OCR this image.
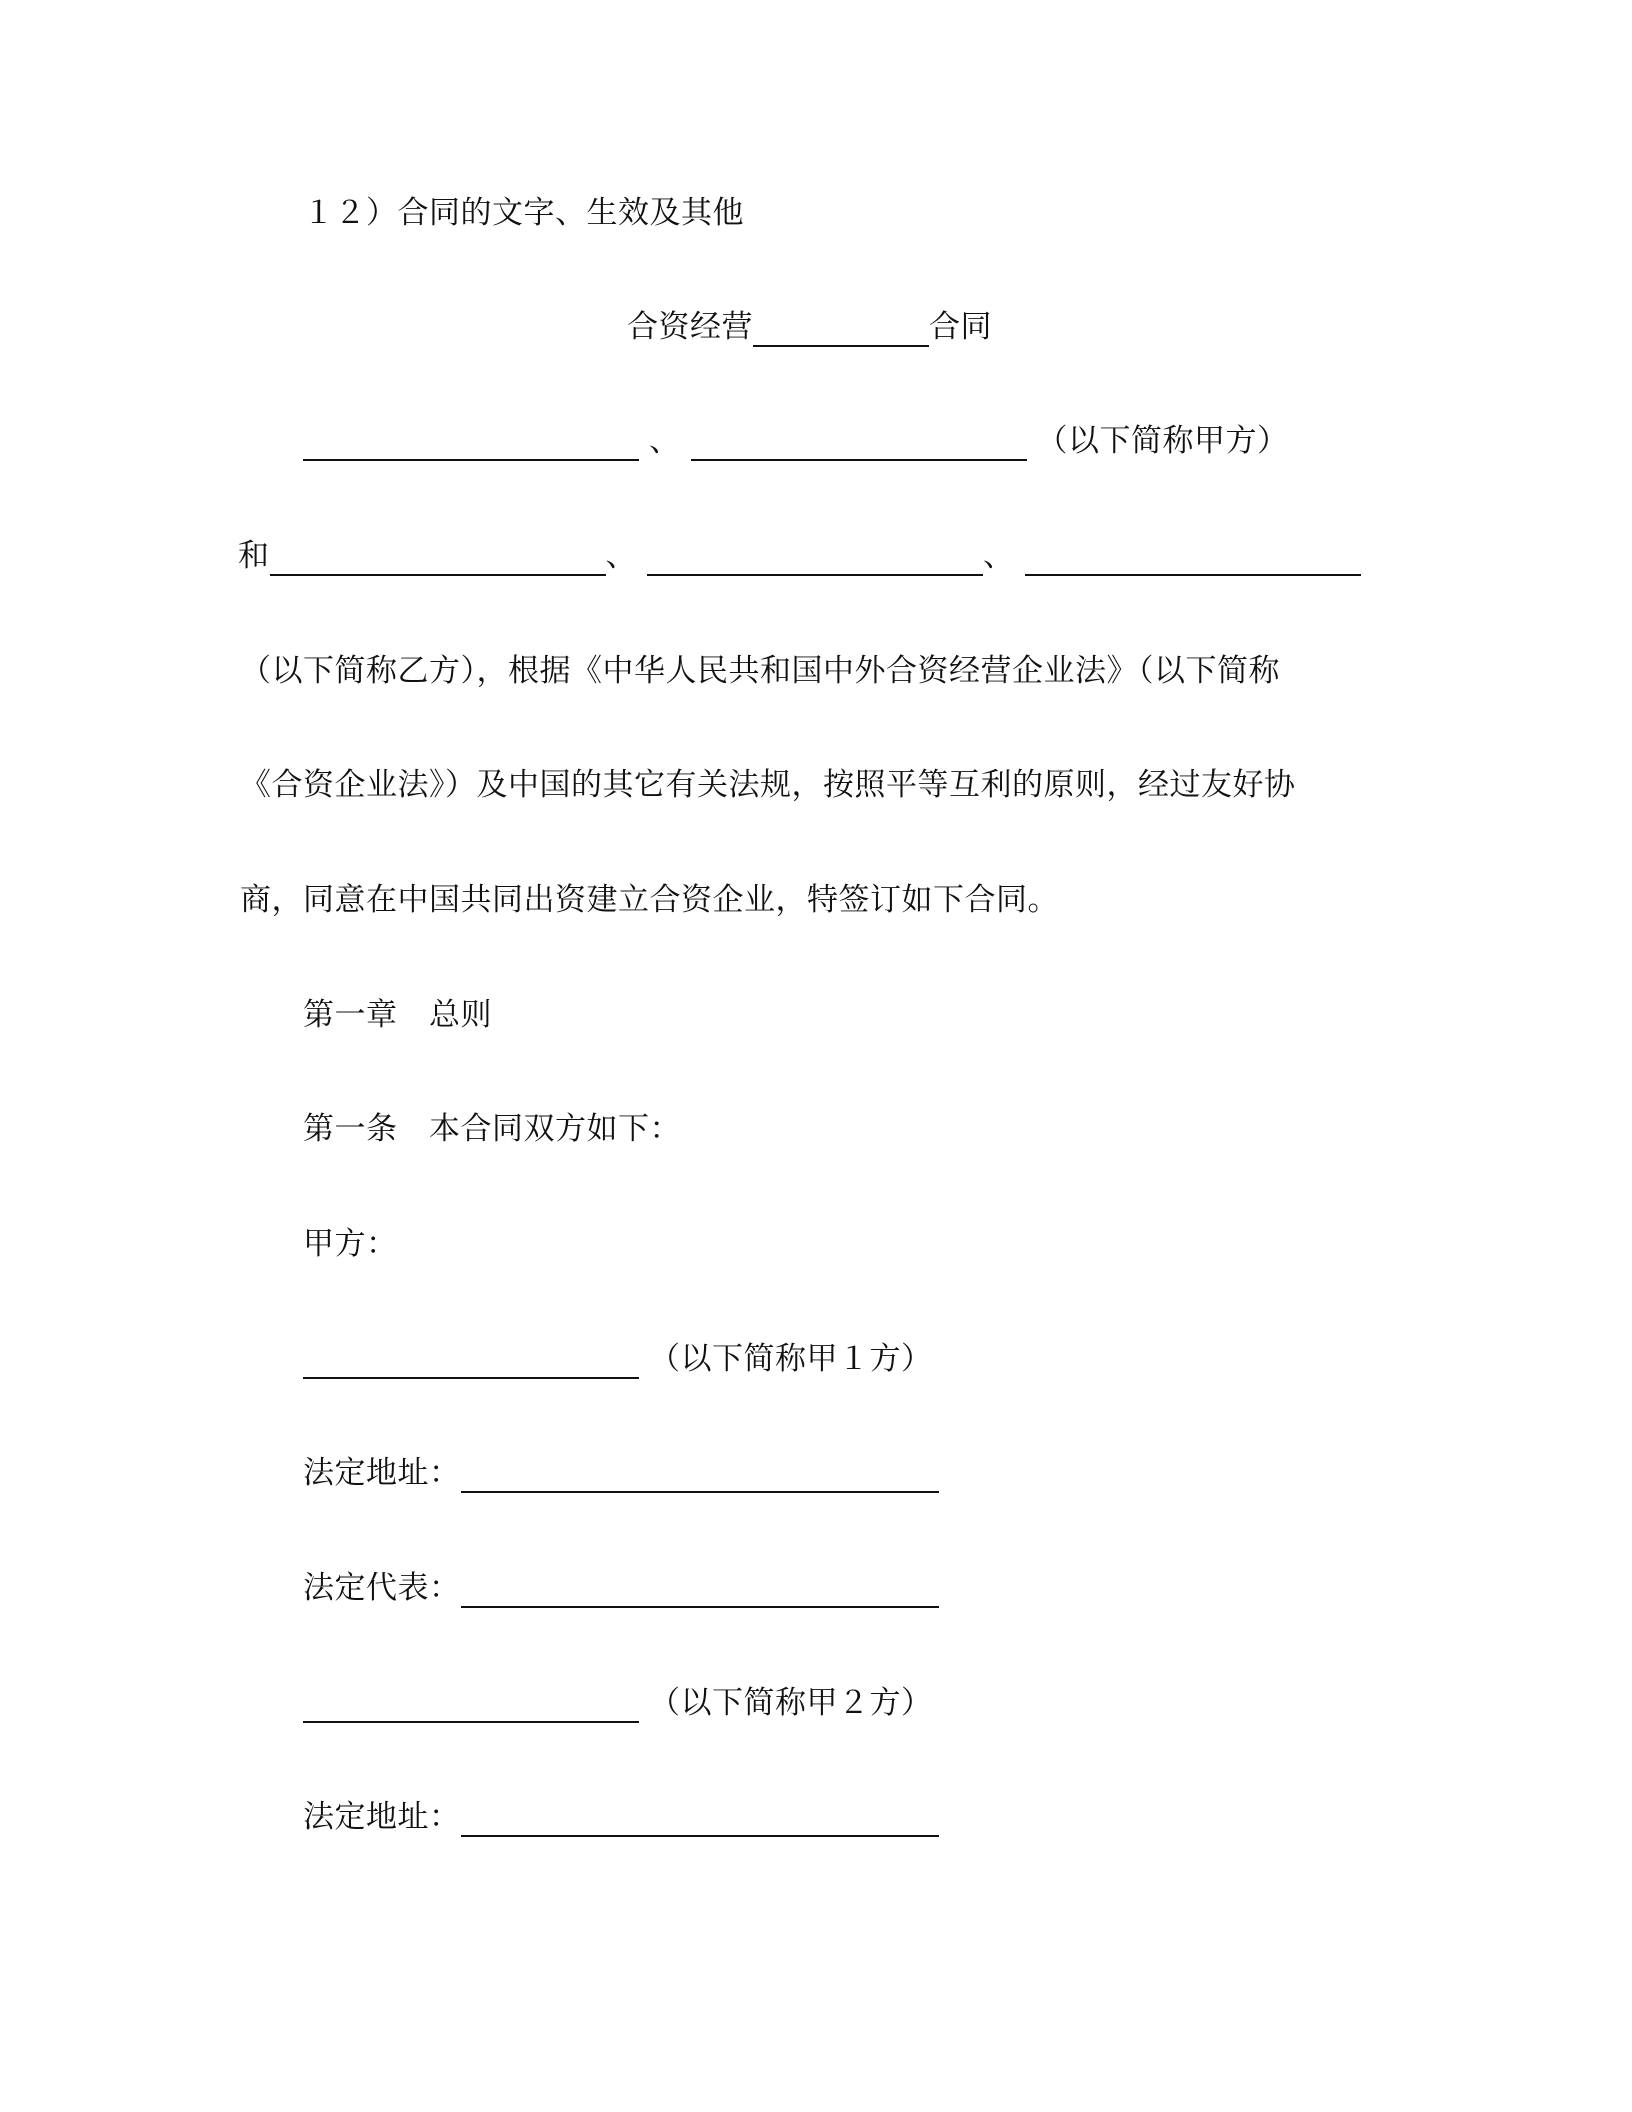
１２）合同的文字、生效及其他
合资经营	合同
、	（以下简称甲方）
和	、	、
（以下简称乙方），根据《中华人民共和国中外合资经营企业法》（以下简称
《合资企业法》）及中国的其它有关法规，按照平等互利的原则，经过友好协
商，同意在中国共同出资建立合资企业，特签订如下合同。
第一章　总则
第一条　本合同双方如下：
甲方：
（以下简称甲１方）
法定地址：
法定代表：
（以下简称甲２方）
法定地址：
